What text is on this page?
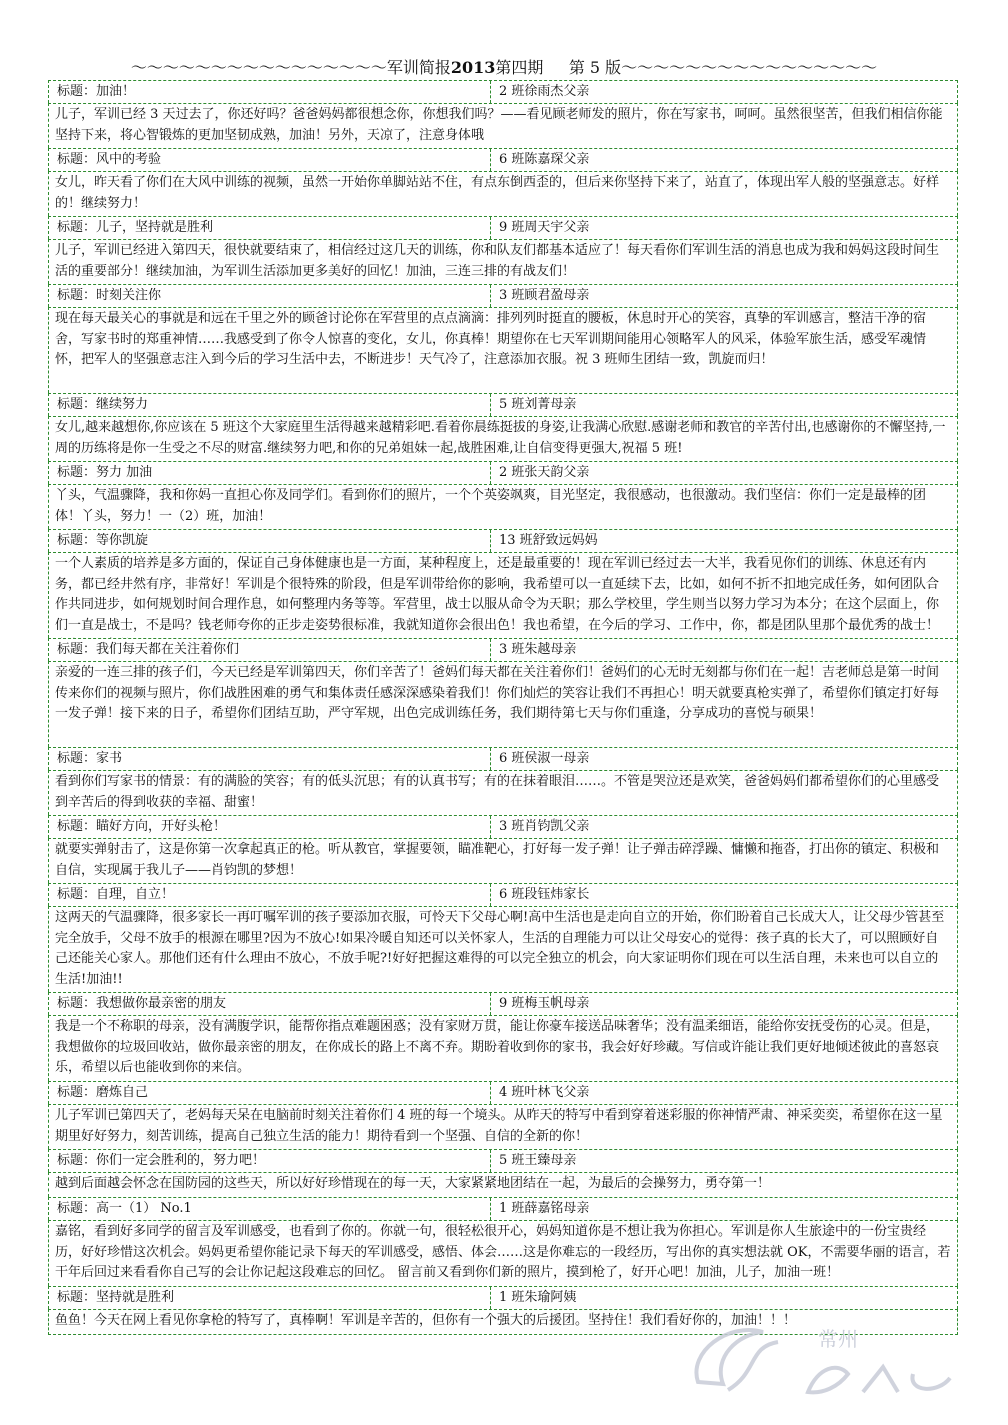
～～～～～～～～～～～～～～～～军训简报2013第四期 第 5 版～～～～～～～～～～～～～～～～
标题：加油！	2 班徐雨杰父亲
儿子，军训已经 3 天过去了，你还好吗？爸爸妈妈都很想念你，你想我们吗？——看见顾老师发的照片，你在写家书，呵呵。虽然很坚苦，但我们相信你能坚持下来，将心智锻炼的更加坚韧成熟，加油！另外，天凉了，注意身体哦
标题：风中的考验	6 班陈嘉琛父亲
女儿，昨天看了你们在大风中训练的视频，虽然一开始你单脚站站不住，有点东倒西歪的，但后来你坚持下来了，站直了，体现出军人般的坚强意志。好样的！继续努力！
标题：儿子，坚持就是胜利	9 班周天宇父亲
儿子，军训已经进入第四天，很快就要结束了，相信经过这几天的训练，你和队友们都基本适应了！每天看你们军训生活的消息也成为我和妈妈这段时间生活的重要部分！继续加油，为军训生活添加更多美好的回忆！加油，三连三排的有战友们！
标题：时刻关注你	3 班顾君盈母亲
现在每天最关心的事就是和远在千里之外的顾爸讨论你在军营里的点点滴滴：排列列时挺直的腰板，休息时开心的笑容，真挚的军训感言，整洁干净的宿舍，写家书时的郑重神情……我感受到了你令人惊喜的变化，女儿，你真棒！期望你在七天军训期间能用心领略军人的风采，体验军旅生活，感受军魂情怀，把军人的坚强意志注入到今后的学习生活中去，不断进步！天气冷了，注意添加衣服。祝 3 班师生团结一致，凯旋而归！
标题：继续努力	5 班刘菁母亲
女儿,越来越想你,你应该在 5 班这个大家庭里生活得越来越精彩吧.看着你晨练挺拔的身姿,让我满心欣慰.感谢老师和教官的辛苦付出,也感谢你的不懈坚持,一周的历练将是你一生受之不尽的财富.继续努力吧,和你的兄弟姐妹一起,战胜困难,让自信变得更强大,祝福 5 班!
标题：努力 加油	2 班张天韵父亲
丫头，气温骤降，我和你妈一直担心你及同学们。看到你们的照片，一个个英姿飒爽，目光坚定，我很感动，也很激动。我们坚信：你们一定是最棒的团体！丫头，努力！一（2）班，加油！
标题：等你凯旋	13 班舒致远妈妈
一个人素质的培养是多方面的，保证自己身体健康也是一方面，某种程度上，还是最重要的！现在军训已经过去一大半，我看见你们的训练、休息还有内务，都已经井然有序，非常好！军训是个很特殊的阶段，但是军训带给你的影响，我希望可以一直延续下去，比如，如何不折不扣地完成任务，如何团队合作共同进步，如何规划时间合理作息，如何整理内务等等。军营里，战士以服从命令为天职；那么学校里，学生则当以努力学习为本分；在这个层面上，你们一直是战士，不是吗？钱老师夸你的正步走姿势很标准，我就知道你会很出色！我也希望，在今后的学习、工作中，你，都是团队里那个最优秀的战士！
标题：我们每天都在关注着你们	3 班朱越母亲
亲爱的一连三排的孩子们，今天已经是军训第四天，你们辛苦了！爸妈们每天都在关注着你们！爸妈们的心无时无刻都与你们在一起！吉老师总是第一时间传来你们的视频与照片，你们战胜困难的勇气和集体责任感深深感染着我们！你们灿烂的笑容让我们不再担心！明天就要真枪实弹了，希望你们镇定打好每一发子弹！接下来的日子，希望你们团结互助，严守军规，出色完成训练任务，我们期待第七天与你们重逢，分享成功的喜悦与硕果！
标题：家书	6 班侯淑一母亲
看到你们写家书的情景：有的满脸的笑容；有的低头沉思；有的认真书写；有的在抹着眼泪……。不管是哭泣还是欢笑，爸爸妈妈们都希望你们的心里感受到辛苦后的得到收获的幸福、甜蜜！
标题：瞄好方向，开好头枪！	3 班肖钧凯父亲
就要实弹射击了，这是你第一次拿起真正的枪。听从教官，掌握要领，瞄准靶心，打好每一发子弹！让子弹击碎浮躁、慵懒和拖沓，打出你的镇定、积极和自信，实现属于我儿子——肖钧凯的梦想！
标题：自理，自立！	6 班段钰炜家长
这两天的气温骤降，很多家长一再叮嘱军训的孩子要添加衣服，可怜天下父母心啊!高中生活也是走向自立的开始，你们盼着自己长成大人，让父母少管甚至完全放手，父母不放手的根源在哪里?因为不放心!如果冷暖自知还可以关怀家人，生活的自理能力可以让父母安心的觉得：孩子真的长大了，可以照顾好自己还能关心家人。那他们还有什么理由不放心，不放手呢?!好好把握这难得的可以完全独立的机会，向大家证明你们现在可以生活自理，未来也可以自立的生活!加油!!
标题：我想做你最亲密的朋友	9 班梅玉帆母亲
我是一个不称职的母亲，没有满腹学识，能帮你指点难题困惑；没有家财万贯，能让你豪车接送品味奢华；没有温柔细语，能给你安抚受伤的心灵。但是，我想做你的垃圾回收站，做你最亲密的朋友，在你成长的路上不离不弃。期盼着收到你的家书，我会好好珍藏。写信或许能让我们更好地倾述彼此的喜怒哀乐，希望以后也能收到你的来信。
标题：磨炼自己	4 班叶林飞父亲
儿子军训已第四天了，老妈每天呆在电脑前时刻关注着你们 4 班的每一个境头。从昨天的特写中看到穿着迷彩服的你神情严肃、神采奕奕，希望你在这一星期里好好努力，刻苦训练，提高自己独立生活的能力！期待看到一个坚强、自信的全新的你！
标题：你们一定会胜利的，努力吧！	5 班王臻母亲
越到后面越会怀念在国防园的这些天，所以好好珍惜现在的每一天，大家紧紧地团结在一起，为最后的会操努力，勇夺第一！
标题：高一（1） No.1	1 班薛嘉铭母亲
嘉铭，看到好多同学的留言及军训感受，也看到了你的。你就一句，很轻松很开心，妈妈知道你是不想让我为你担心。军训是你人生旅途中的一份宝贵经历，好好珍惜这次机会。妈妈更希望你能记录下每天的军训感受，感悟、体会……这是你难忘的一段经历，写出你的真实想法就 OK，不需要华丽的语言，若干年后回过来看看你自己写的会让你记起这段难忘的回忆。 留言前又看到你们新的照片，摸到枪了，好开心吧！加油，儿子，加油一班！
标题：坚持就是胜利	1 班朱瑜阿姨
鱼鱼！今天在网上看见你拿枪的特写了，真棒啊！军训是辛苦的，但你有一个强大的后援团。坚持住！我们看好你的，加油！！！
常州
